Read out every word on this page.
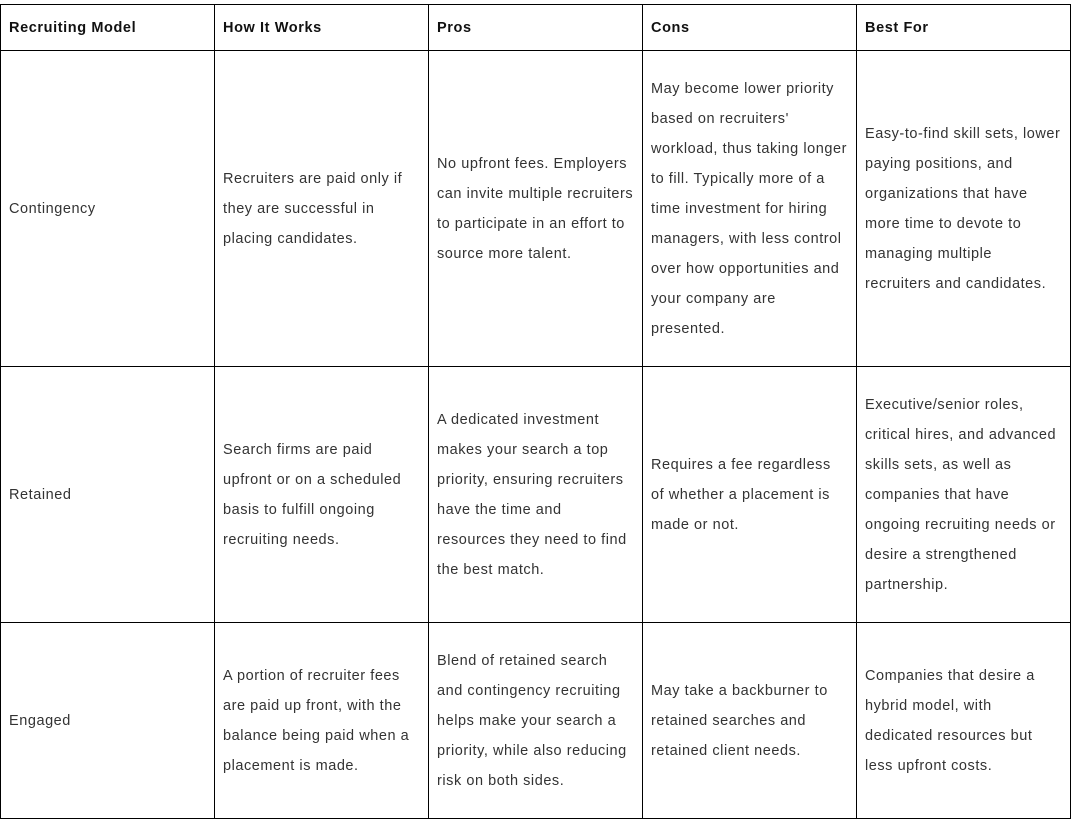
Recruiting Model	How It Works	Pros	Cons	Best For
Contingency	Recruiters are paid only if they are successful in placing candidates.	No upfront fees. Employers can invite multiple recruiters to participate in an effort to source more talent.	May become lower priority based on recruiters' workload, thus taking longer to fill. Typically more of a time investment for hiring managers, with less control over how opportunities and your company are presented.	Easy-to-find skill sets, lower paying positions, and organizations that have more time to devote to managing multiple recruiters and candidates.
Retained	Search firms are paid upfront or on a scheduled basis to fulfill ongoing recruiting needs.	A dedicated investment makes your search a top priority, ensuring recruiters have the time and resources they need to find the best match.	Requires a fee regardless of whether a placement is made or not.	Executive/senior roles, critical hires, and advanced skills sets, as well as companies that have ongoing recruiting needs or desire a strengthened partnership.
Engaged	A portion of recruiter fees are paid up front, with the balance being paid when a placement is made.	Blend of retained search and contingency recruiting helps make your search a priority, while also reducing risk on both sides.	May take a backburner to retained searches and retained client needs.	Companies that desire a hybrid model, with dedicated resources but less upfront costs.
